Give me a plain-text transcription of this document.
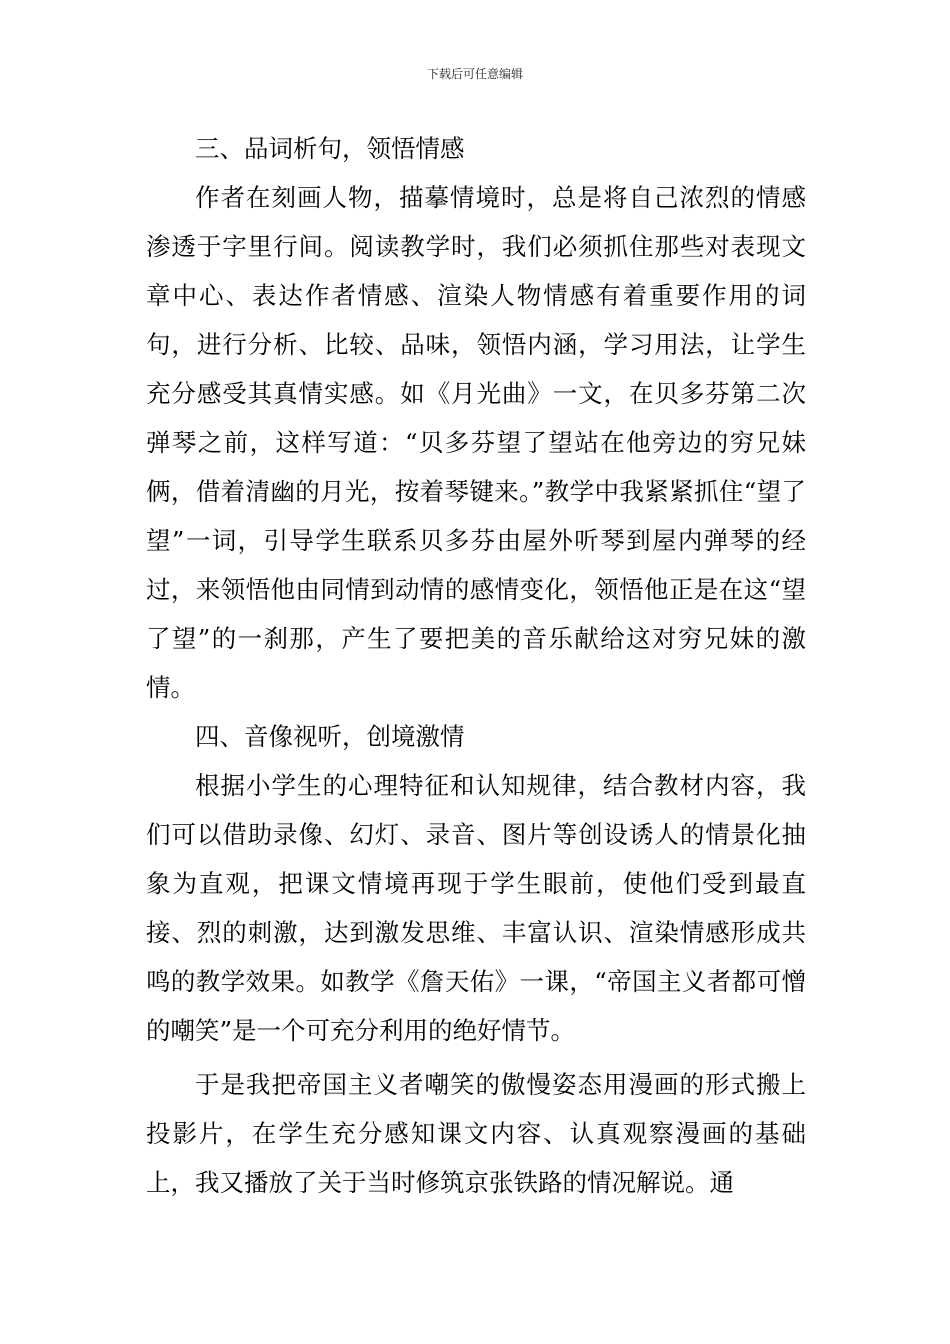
下载后可任意编辑

三、品词析句，领悟情感

作者在刻画人物，描摹情境时，总是将自己浓烈的情感渗透于字里行间。阅读教学时，我们必须抓住那些对表现文章中心、表达作者情感、渲染人物情感有着重要作用的词句，进行分析、比较、品味，领悟内涵，学习用法，让学生充分感受其真情实感。如《月光曲》一文，在贝多芬第二次弹琴之前，这样写道：“贝多芬望了望站在他旁边的穷兄妹俩，借着清幽的月光，按着琴键来。”教学中我紧紧抓住“望了望”一词，引导学生联系贝多芬由屋外听琴到屋内弹琴的经过，来领悟他由同情到动情的感情变化，领悟他正是在这“望了望”的一刹那，产生了要把美的音乐献给这对穷兄妹的激情。

四、音像视听，创境激情

根据小学生的心理特征和认知规律，结合教材内容，我们可以借助录像、幻灯、录音、图片等创设诱人的情景化抽象为直观，把课文情境再现于学生眼前，使他们受到最直接、烈的刺激，达到激发思维、丰富认识、渲染情感形成共鸣的教学效果。如教学《詹天佑》一课，“帝国主义者都可憎的嘲笑”是一个可充分利用的绝好情节。

于是我把帝国主义者嘲笑的傲慢姿态用漫画的形式搬上投影片，在学生充分感知课文内容、认真观察漫画的基础上，我又播放了关于当时修筑京张铁路的情况解说。通
